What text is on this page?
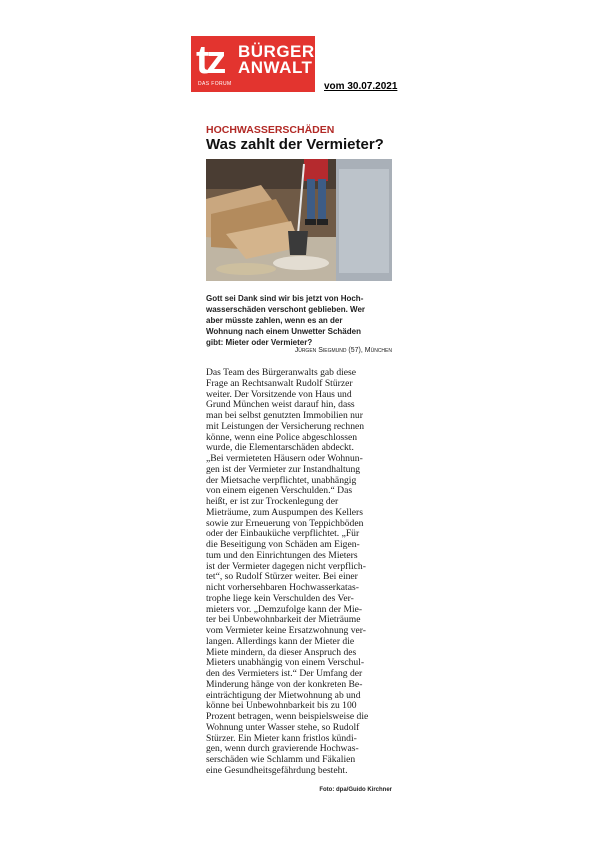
tz BÜRGER
ANWALT
DAS FORUM	vom 30.07.2021
HOCHWASSERSCHÄDEN
Was zahlt der Vermieter?
Gott sei Dank sind wir bis jetzt von Hoch-
wasserschäden verschont geblieben. Wer
aber müsste zahlen, wenn es an der
Wohnung nach einem Unwetter Schäden
gibt: Mieter oder Vermieter?
Jürgen Siegmund (57), München
Das Team des Bürgeranwalts gab diese
Frage an Rechtsanwalt Rudolf Stürzer
weiter. Der Vorsitzende von Haus und
Grund München weist darauf hin, dass
man bei selbst genutzten Immobilien nur
mit Leistungen der Versicherung rechnen
könne, wenn eine Police abgeschlossen
wurde, die Elementarschäden abdeckt.
„Bei vermieteten Häusern oder Wohnun-
gen ist der Vermieter zur Instandhaltung
der Mietsache verpflichtet, unabhängig
von einem eigenen Verschulden.“ Das
heißt, er ist zur Trockenlegung der
Mieträume, zum Auspumpen des Kellers
sowie zur Erneuerung von Teppichböden
oder der Einbauküche verpflichtet. „Für
die Beseitigung von Schäden am Eigen-
tum und den Einrichtungen des Mieters
ist der Vermieter dagegen nicht verpflich-
tet“, so Rudolf Stürzer weiter. Bei einer
nicht vorhersehbaren Hochwasserkatas-
trophe liege kein Verschulden des Ver-
mieters vor. „Demzufolge kann der Mie-
ter bei Unbewohnbarkeit der Mieträume
vom Vermieter keine Ersatzwohnung ver-
langen. Allerdings kann der Mieter die
Miete mindern, da dieser Anspruch des
Mieters unabhängig von einem Verschul-
den des Vermieters ist.“ Der Umfang der
Minderung hänge von der konkreten Be-
einträchtigung der Mietwohnung ab und
könne bei Unbewohnbarkeit bis zu 100
Prozent betragen, wenn beispielsweise die
Wohnung unter Wasser stehe, so Rudolf
Stürzer. Ein Mieter kann fristlos kündi-
gen, wenn durch gravierende Hochwas-
serschäden wie Schlamm und Fäkalien
eine Gesundheitsgefährdung besteht.
Foto: dpa/Guido Kirchner
